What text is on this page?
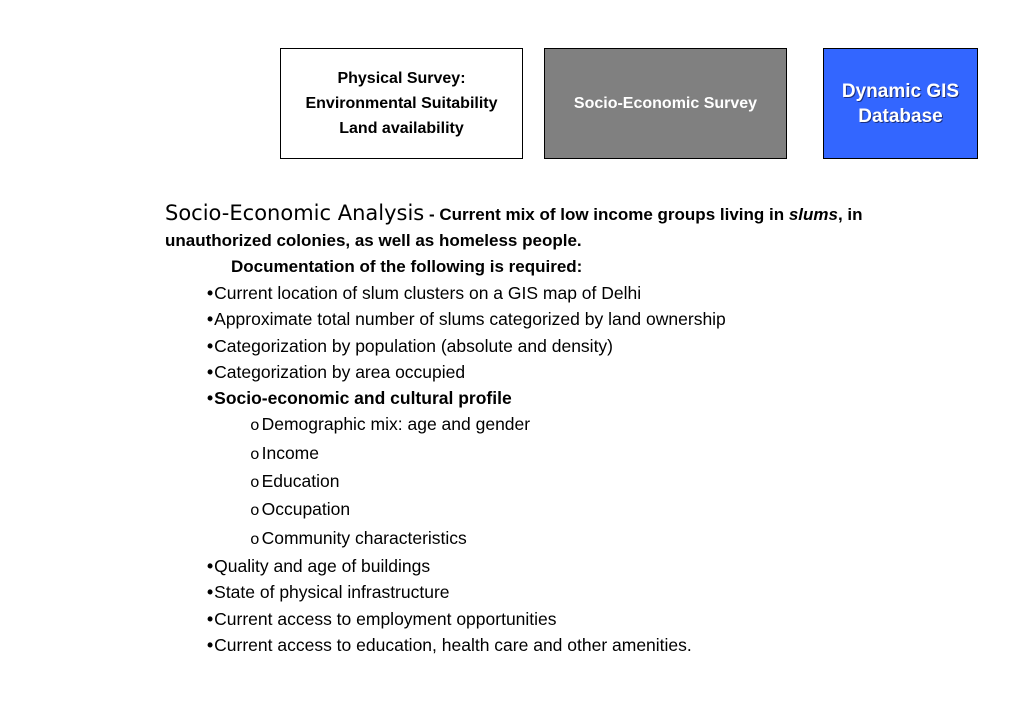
Physical Survey:
Environmental Suitability
Land availability
Socio-Economic Survey
Dynamic GIS
Database
Socio-Economic Analysis - Current mix of low income groups living in slums, in
unauthorized colonies, as well as homeless people.
Documentation of the following is required:
•Current location of slum clusters on a GIS map of Delhi
•Approximate total number of slums categorized by land ownership
•Categorization by population (absolute and density)
•Categorization by area occupied
•Socio-economic and cultural profile
o Demographic mix: age and gender
o Income
o Education
o Occupation
o Community characteristics
•Quality and age of buildings
•State of physical infrastructure
•Current access to employment opportunities
•Current access to education, health care and other amenities.
